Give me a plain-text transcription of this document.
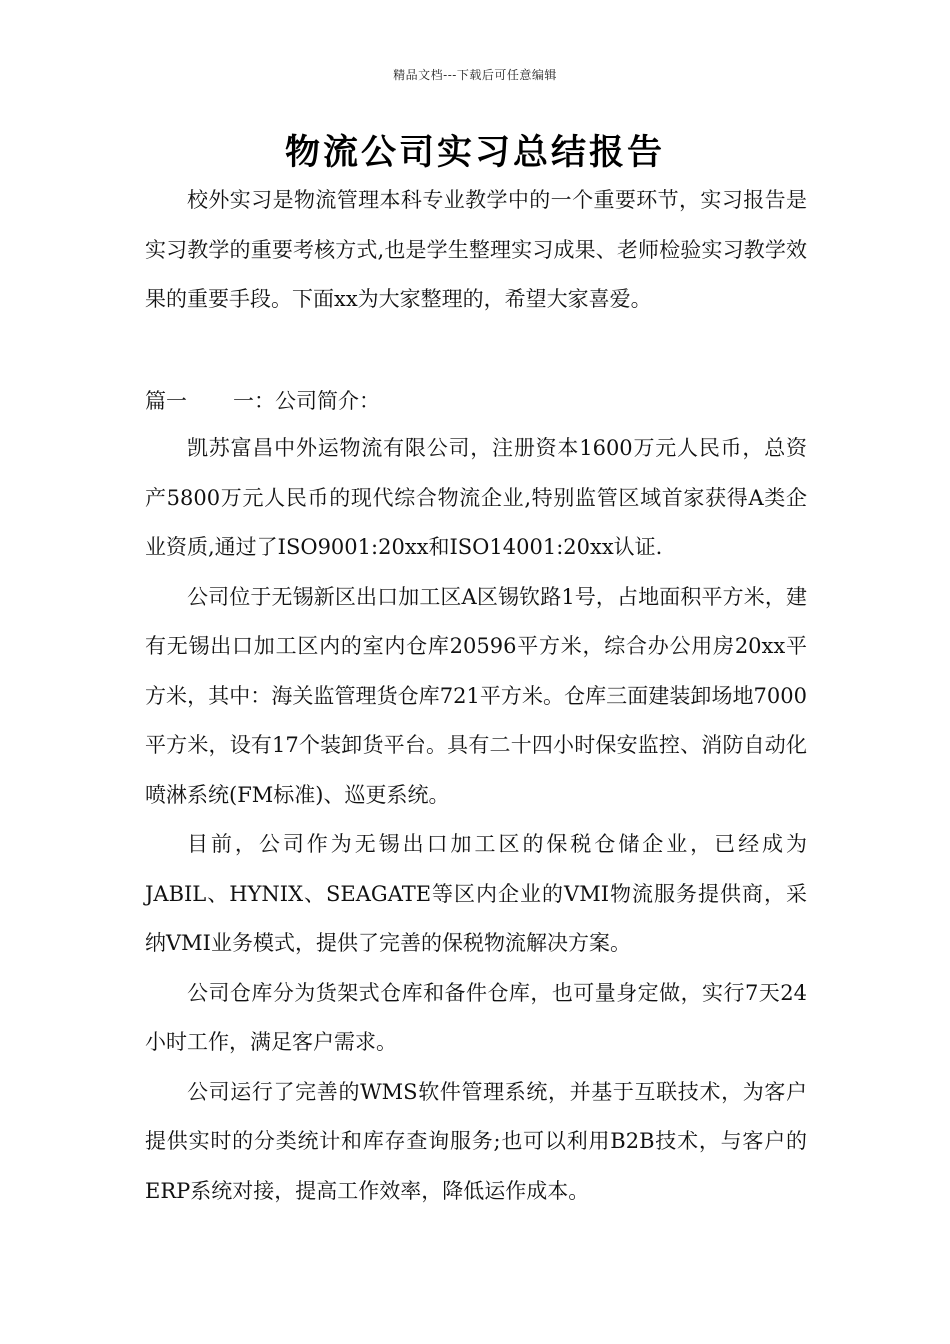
精品文档---下载后可任意编辑
物流公司实习总结报告

校外实习是物流管理本科专业教学中的一个重要环节，实习报告是实习教学的重要考核方式,也是学生整理实习成果、老师检验实习教学效果的重要手段。下面xx为大家整理的，希望大家喜爱。

篇一 一：公司简介：

凯苏富昌中外运物流有限公司，注册资本1600万元人民币，总资产5800万元人民币的现代综合物流企业,特别监管区域首家获得A类企业资质,通过了ISO9001:20xx和ISO14001:20xx认证.

公司位于无锡新区出口加工区A区锡钦路1号，占地面积平方米，建有无锡出口加工区内的室内仓库20596平方米，综合办公用房20xx平方米，其中：海关监管理货仓库721平方米。仓库三面建装卸场地7000平方米，设有17个装卸货平台。具有二十四小时保安监控、消防自动化喷淋系统(FM标准)、巡更系统。

目前，公司作为无锡出口加工区的保税仓储企业，已经成为JABIL、HYNIX、SEAGATE等区内企业的VMI物流服务提供商，采纳VMI业务模式，提供了完善的保税物流解决方案。

公司仓库分为货架式仓库和备件仓库，也可量身定做，实行7天24小时工作，满足客户需求。

公司运行了完善的WMS软件管理系统，并基于互联技术，为客户提供实时的分类统计和库存查询服务;也可以利用B2B技术，与客户的ERP系统对接，提高工作效率，降低运作成本。
